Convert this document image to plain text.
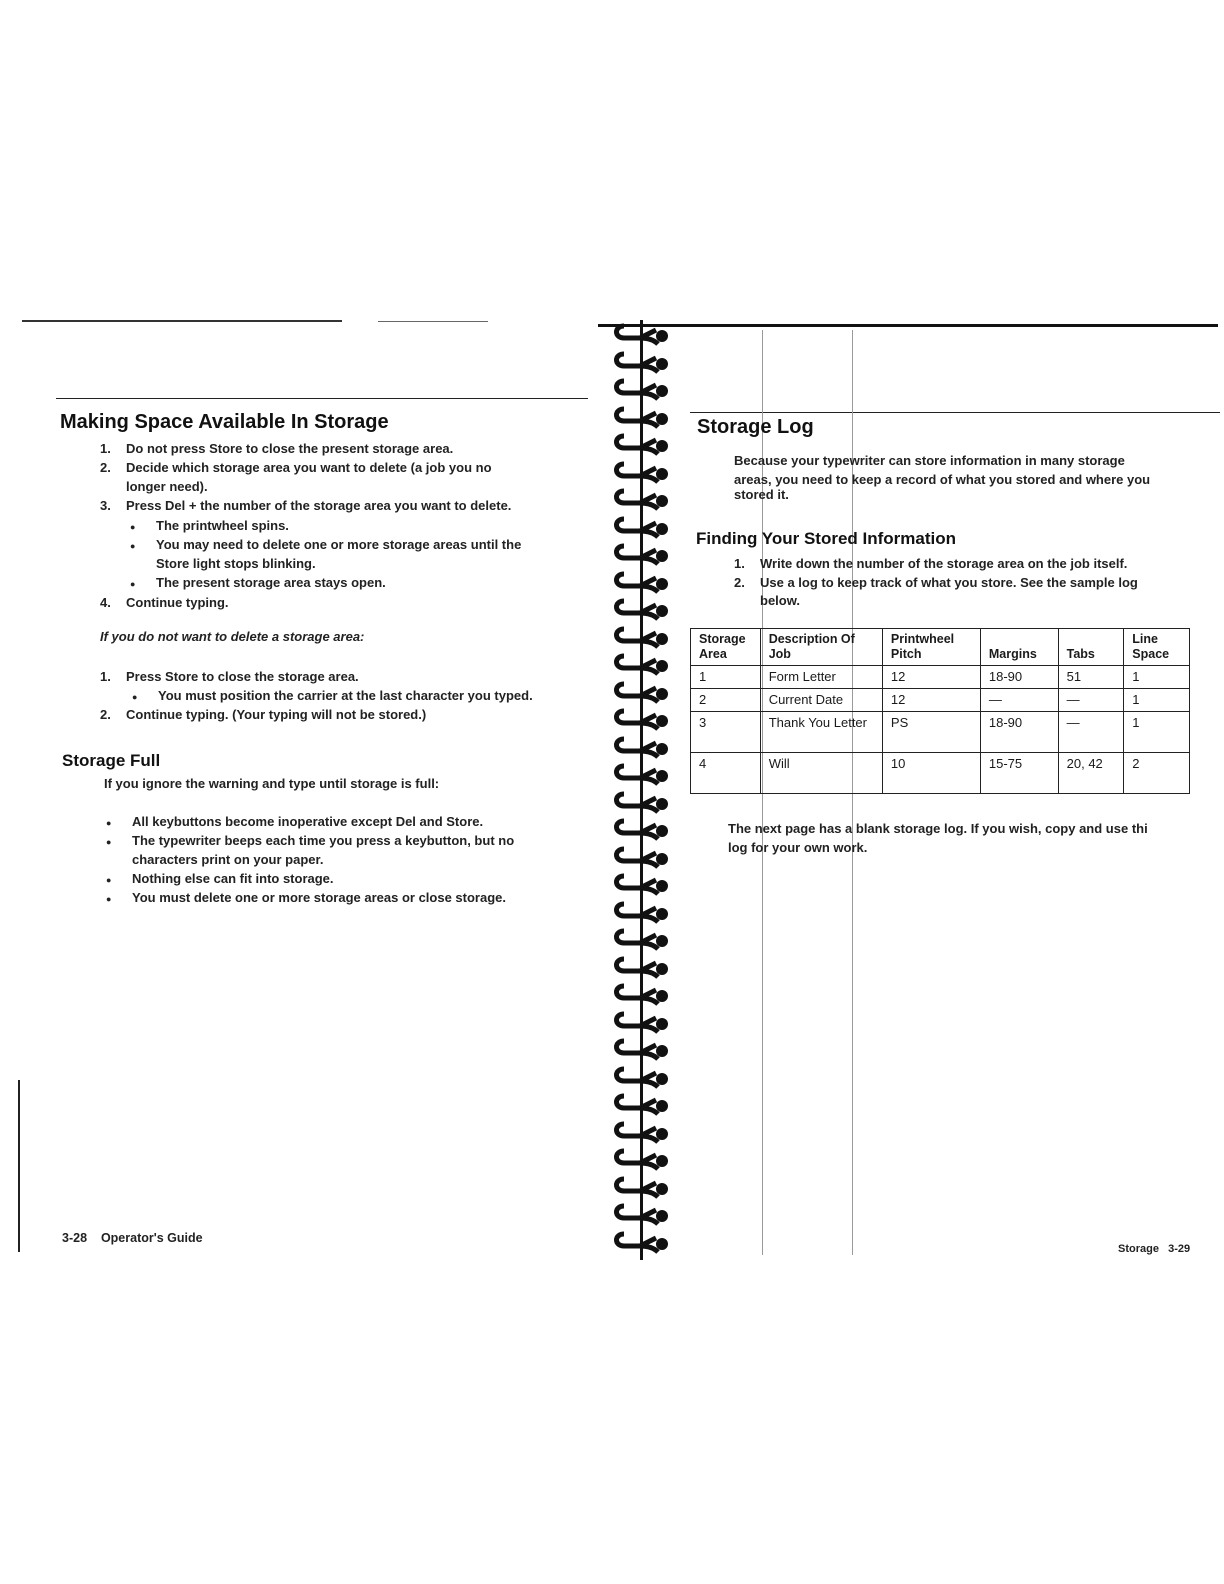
Making Space Available In Storage
1. Do not press Store to close the present storage area.
2. Decide which storage area you want to delete (a job you no
longer need).
3. Press Del + the number of the storage area you want to delete.
● The printwheel spins.
● You may need to delete one or more storage areas until the
Store light stops blinking.
● The present storage area stays open.
4. Continue typing.
If you do not want to delete a storage area:
1. Press Store to close the storage area.
● You must position the carrier at the last character you typed.
2. Continue typing. (Your typing will not be stored.)
Storage Full
If you ignore the warning and type until storage is full:
● All keybuttons become inoperative except Del and Store.
● The typewriter beeps each time you press a keybutton, but no
characters print on your paper.
● Nothing else can fit into storage.
● You must delete one or more storage areas or close storage.
3-28 Operator's Guide
Storage Log
Because your typewriter can store information in many storage
areas, you need to keep a record of what you stored and where you
stored it.
Finding Your Stored Information
1. Write down the number of the storage area on the job itself.
2. Use a log to keep track of what you store. See the sample log
below.
Storage Area	Description Of Job	Printwheel Pitch	Margins	Tabs	Line Space
1	Form Letter	12	18-90	51	1
2	Current Date	12	—	—	1
3	Thank You Letter	PS	18-90	—	1
4	Will	10	15-75	20, 42	2
The next page has a blank storage log. If you wish, copy and use thi
log for your own work.
Storage 3-29
